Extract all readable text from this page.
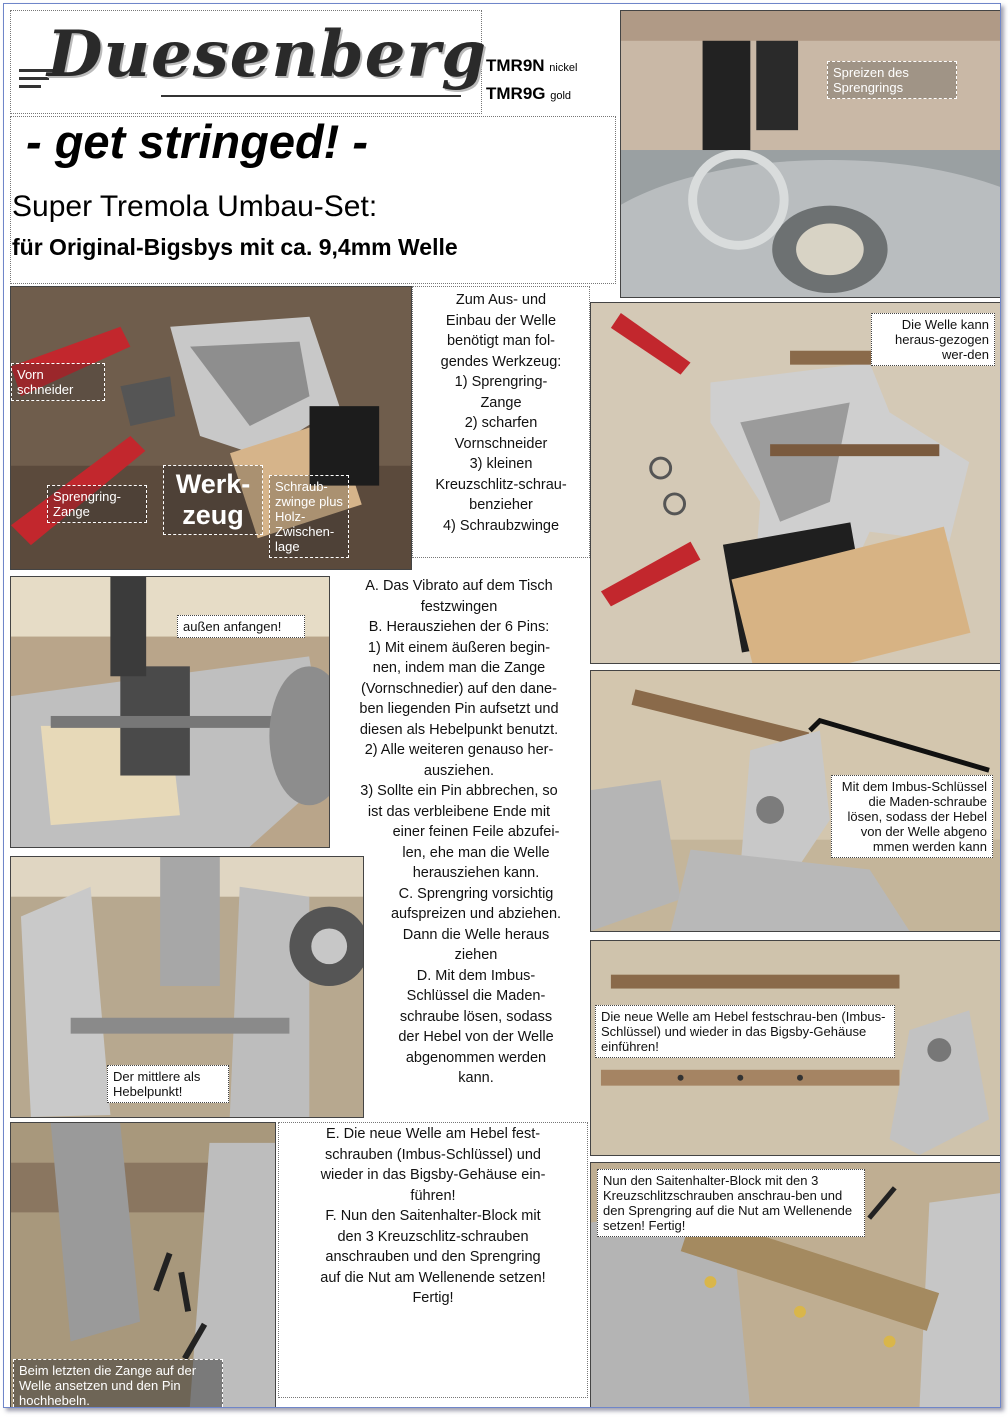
Duesenberg TMR9N nickel
TMR9G gold
- get stringed! -
Super Tremola Umbau-Set:
für Original-Bigsbys mit ca. 9,4mm Welle
Spreizen des Sprengrings
Vorn schneider
Sprengring-Zange
Werk-zeug
Schraub-zwinge plus Holz-Zwischen-lage
Zum Aus- und
Einbau der Welle
benötigt man fol-
gendes Werkzeug:
1) Sprengring-
Zange
2) scharfen
Vornschneider
3) kleinen
Kreuzschlitz-schrau-
benzieher
4) Schraubzwinge
Die Welle kann heraus-gezogen wer-den
außen anfangen!
A. Das Vibrato auf dem Tisch
festzwingen
B. Herausziehen der 6 Pins:
1) Mit einem äußeren begin-
nen, indem man die Zange
(Vornschnedier) auf den dane-
ben liegenden Pin aufsetzt und
diesen als Hebelpunkt benutzt.
2) Alle weiteren genauso her-
ausziehen.
3) Sollte ein Pin abbrechen, so
ist das verbleibene Ende mit
Mit dem Imbus-Schlüssel die Maden-schraube lösen, sodass der Hebel von der Welle abgeno mmen werden kann
Der mittlere als Hebelpunkt!
einer feinen Feile abzufei-
len, ehe man die Welle
herausziehen kann.
C. Sprengring vorsichtig
aufspreizen und abziehen.
Dann die Welle heraus
ziehen
D. Mit dem Imbus-
Schlüssel die Maden-
schraube lösen, sodass
der Hebel von der Welle
abgenommen werden
kann.
Die neue Welle am Hebel festschrau-ben (Imbus-Schlüssel) und wieder in das Bigsby-Gehäuse einführen!
Beim letzten die Zange auf der Welle ansetzen und den Pin hochhebeln.
E. Die neue Welle am Hebel fest-
schrauben (Imbus-Schlüssel) und
wieder in das Bigsby-Gehäuse ein-
führen!
F. Nun den Saitenhalter-Block mit
den 3 Kreuzschlitz-schrauben
anschrauben und den Sprengring
auf die Nut am Wellenende setzen!
Fertig!
Nun den Saitenhalter-Block mit den 3 Kreuzschlitzschrauben anschrau-ben und den Sprengring auf die Nut am Wellenende setzen! Fertig!
